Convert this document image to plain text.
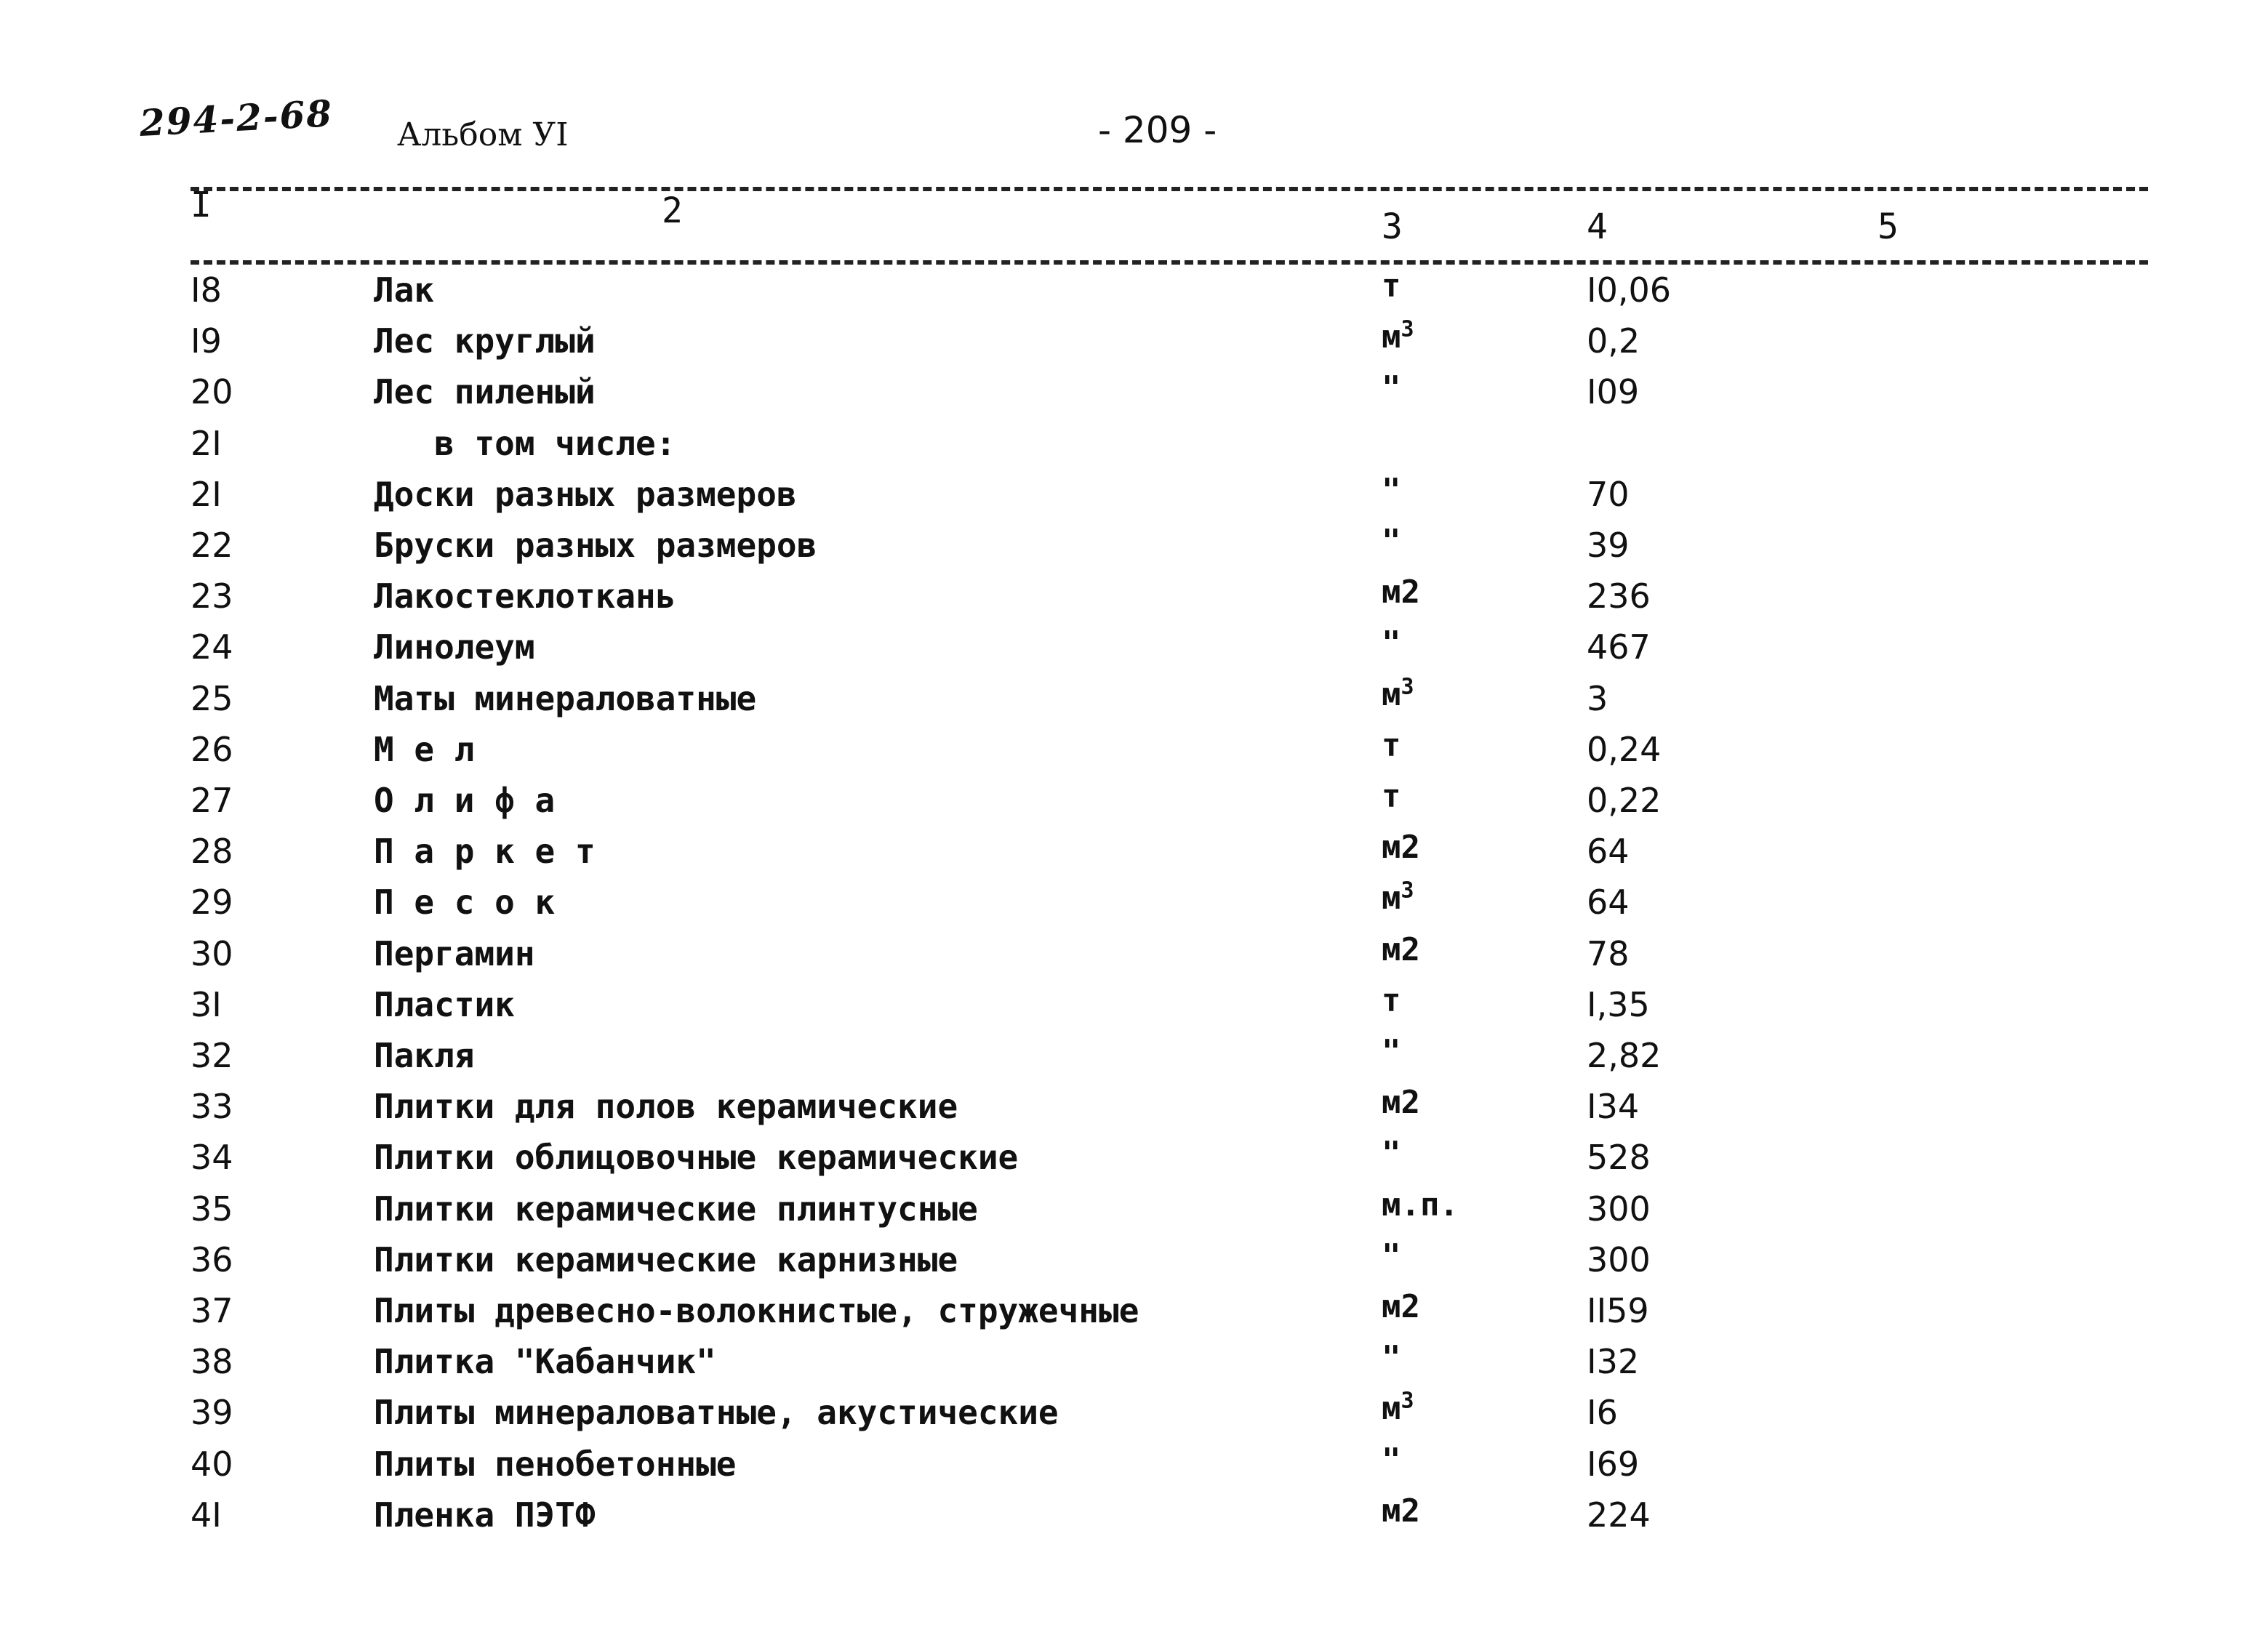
294-2-68 Альбом УI	- 209 -
I	2	3	4	5
I8	Лак	т	I0,06
I9	Лес круглый	$м^3$	0,2
20	Лес пиленый	"	I09
2I	в том числе:
2I	Доски разных размеров	"	70
22	Бруски разных размеров	"	39
23	Лакостеклоткань	м2	236
24	Линолеум	"	467
25	Маты минераловатные	$м^3$	3
26	М е л	т	0,24
27	О л и ф а	т	0,22
28	П а р к е т	м2	64
29	П е с о к	$м^3$	64
30	Пергамин	м2	78
3I	Пластик	т	I,35
32	Пакля	"	2,82
33	Плитки для полов керамические	м2	I34
34	Плитки облицовочные керамические	"	528
35	Плитки керамические плинтусные	м.п.	300
36	Плитки керамические карнизные	"	300
37	Плиты древесно-волокнистые, стружечные	м2	II59
38	Плитка "Кабанчик"	"	I32
39	Плиты минераловатные, акустические	$м^3$	I6
40	Плиты пенобетонные	"	I69
4I	Пленка ПЭТФ	м2	224
